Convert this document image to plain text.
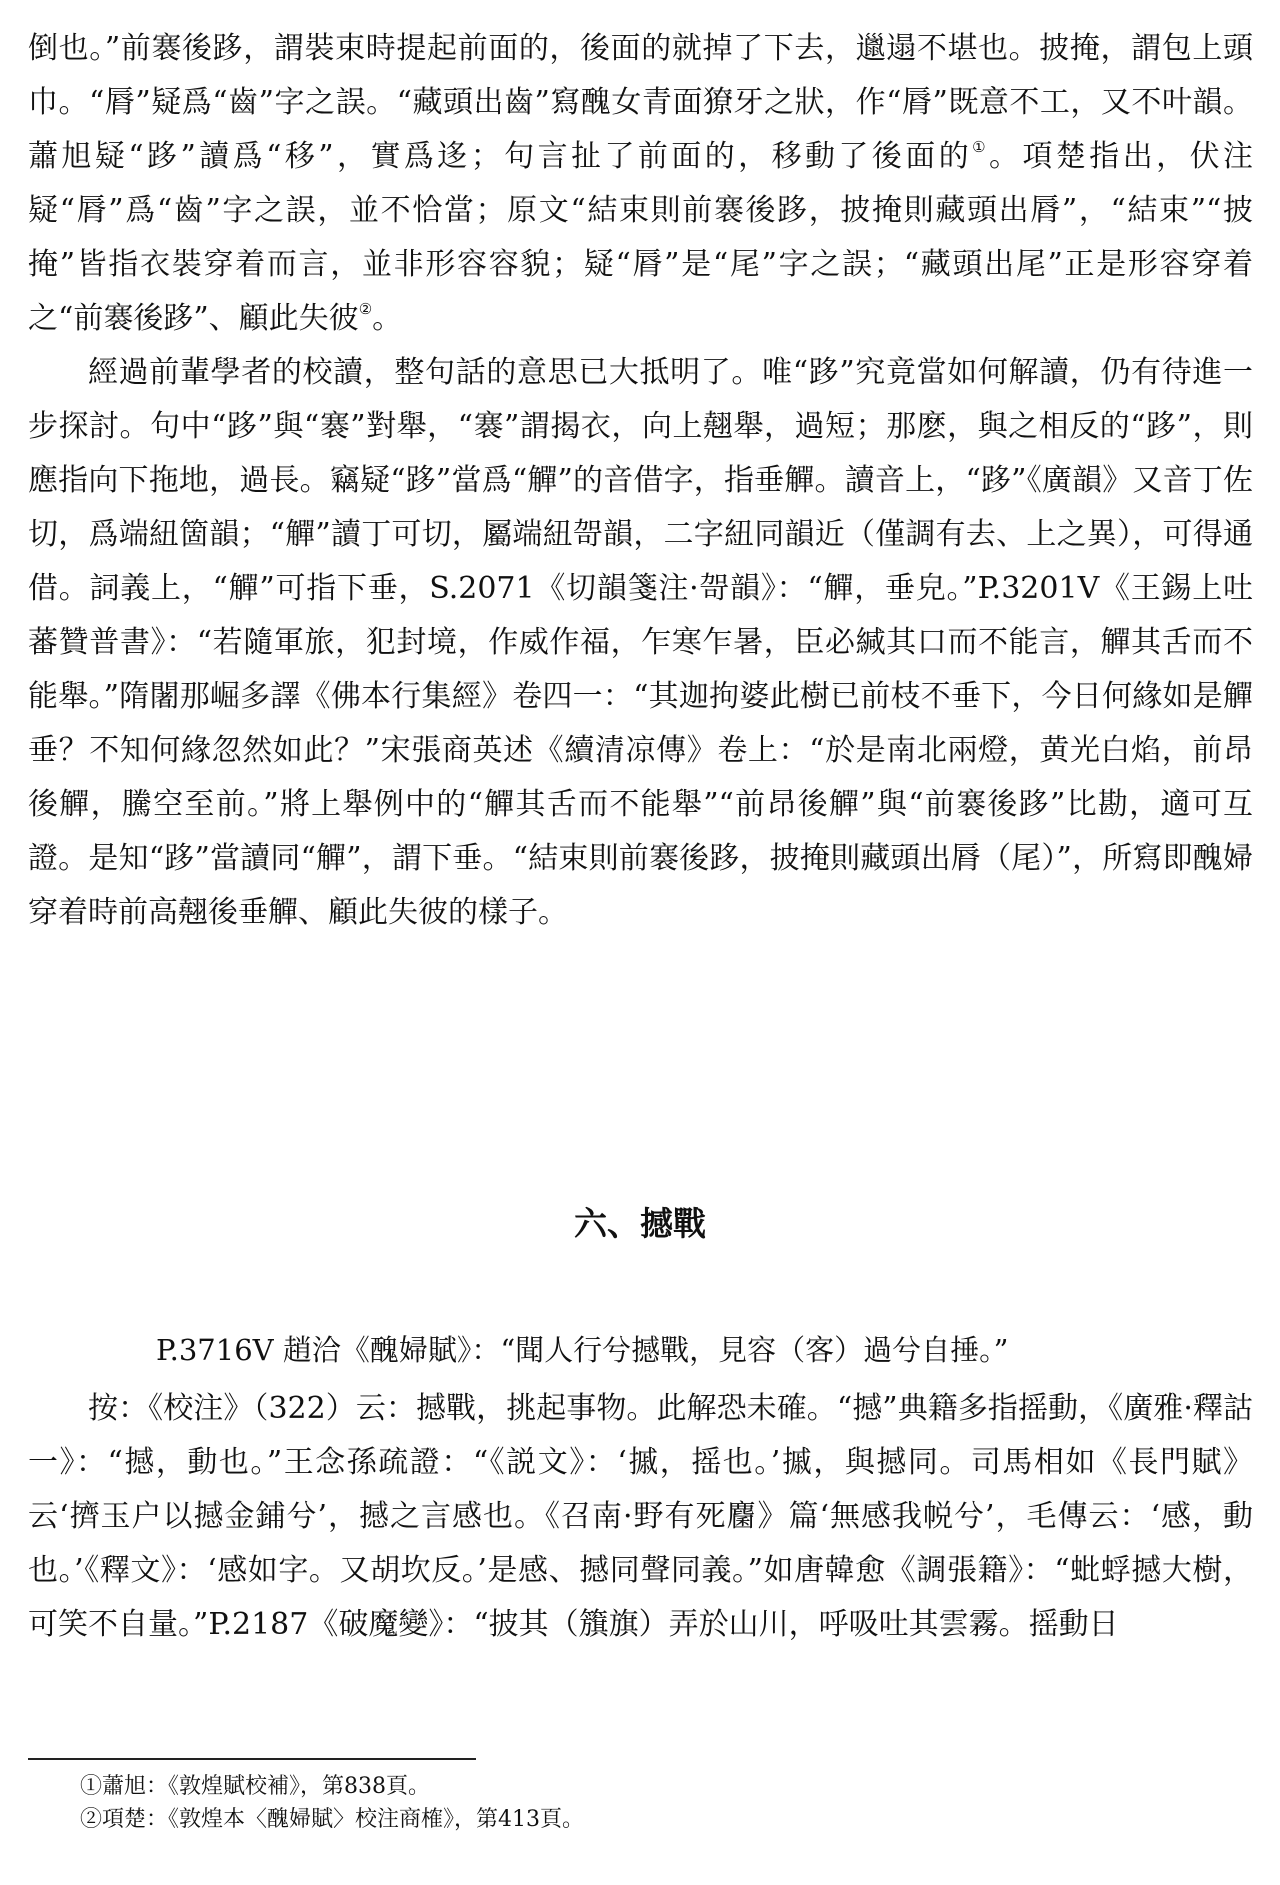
倒也。”前褰後跢，謂裝束時提起前面的，後面的就掉了下去，邋遢不堪也。披掩，謂包上頭巾。“脣”疑爲“齒”字之誤。“藏頭出齒”寫醜女青面獠牙之狀，作“脣”既意不工，又不叶韻。蕭旭疑“跢”讀爲“移”，實爲迻；句言扯了前面的，移動了後面的①。項楚指出，伏注疑“脣”爲“齒”字之誤，並不恰當；原文“結束則前褰後跢，披掩則藏頭出脣”，“結束”“披掩”皆指衣裝穿着而言，並非形容容貌；疑“脣”是“尾”字之誤；“藏頭出尾”正是形容穿着之“前褰後跢”、顧此失彼②。

經過前輩學者的校讀，整句話的意思已大抵明了。唯“跢”究竟當如何解讀，仍有待進一步探討。句中“跢”與“褰”對舉，“褰”謂揭衣，向上翹舉，過短；那麽，與之相反的“跢”，則應指向下拖地，過長。竊疑“跢”當爲“觶”的音借字，指垂觶。讀音上，“跢”《廣韻》又音丁佐切，爲端紐箇韻；“觶”讀丁可切，屬端紐哿韻，二字紐同韻近（僅調有去、上之異），可得通借。詞義上，“觶”可指下垂，S.2071《切韻箋注·哿韻》：“觶，垂皃。”P.3201V《王錫上吐蕃贊普書》：“若隨軍旅，犯封境，作威作福，乍寒乍暑，臣必緘其口而不能言，觶其舌而不能舉。”隋闍那崛多譯《佛本行集經》卷四一：“其迦拘婆此樹已前枝不垂下，今日何緣如是觶垂？不知何緣忽然如此？”宋張商英述《續清凉傳》卷上：“於是南北兩燈，黄光白焰，前昂後觶，騰空至前。”將上舉例中的“觶其舌而不能舉”“前昂後觶”與“前褰後跢”比勘，適可互證。是知“跢”當讀同“觶”，謂下垂。“結束則前褰後跢，披掩則藏頭出脣（尾）”，所寫即醜婦穿着時前高翹後垂觶、顧此失彼的樣子。

六、撼戰

P.3716V 趙洽《醜婦賦》：“聞人行兮撼戰，見容（客）過兮自捶。”

按：《校注》（322）云：撼戰，挑起事物。此解恐未確。“撼”典籍多指摇動，《廣雅·釋詁一》：“撼，動也。”王念孫疏證：“《説文》：‘摵，摇也。’摵，與撼同。司馬相如《長門賦》云‘擠玉户以撼金鋪兮’，撼之言感也。《召南·野有死麕》篇‘無感我帨兮’，毛傳云：‘感，動也。’《釋文》：‘感如字。又胡坎反。’是感、撼同聲同義。”如唐韓愈《調張籍》：“蚍蜉撼大樹，可笑不自量。”P.2187《破魔變》：“披其（籏旗）弄於山川，呼吸吐其雲霧。摇動日

①蕭旭：《敦煌賦校補》，第838頁。
②項楚：《敦煌本〈醜婦賦〉校注商榷》，第413頁。
